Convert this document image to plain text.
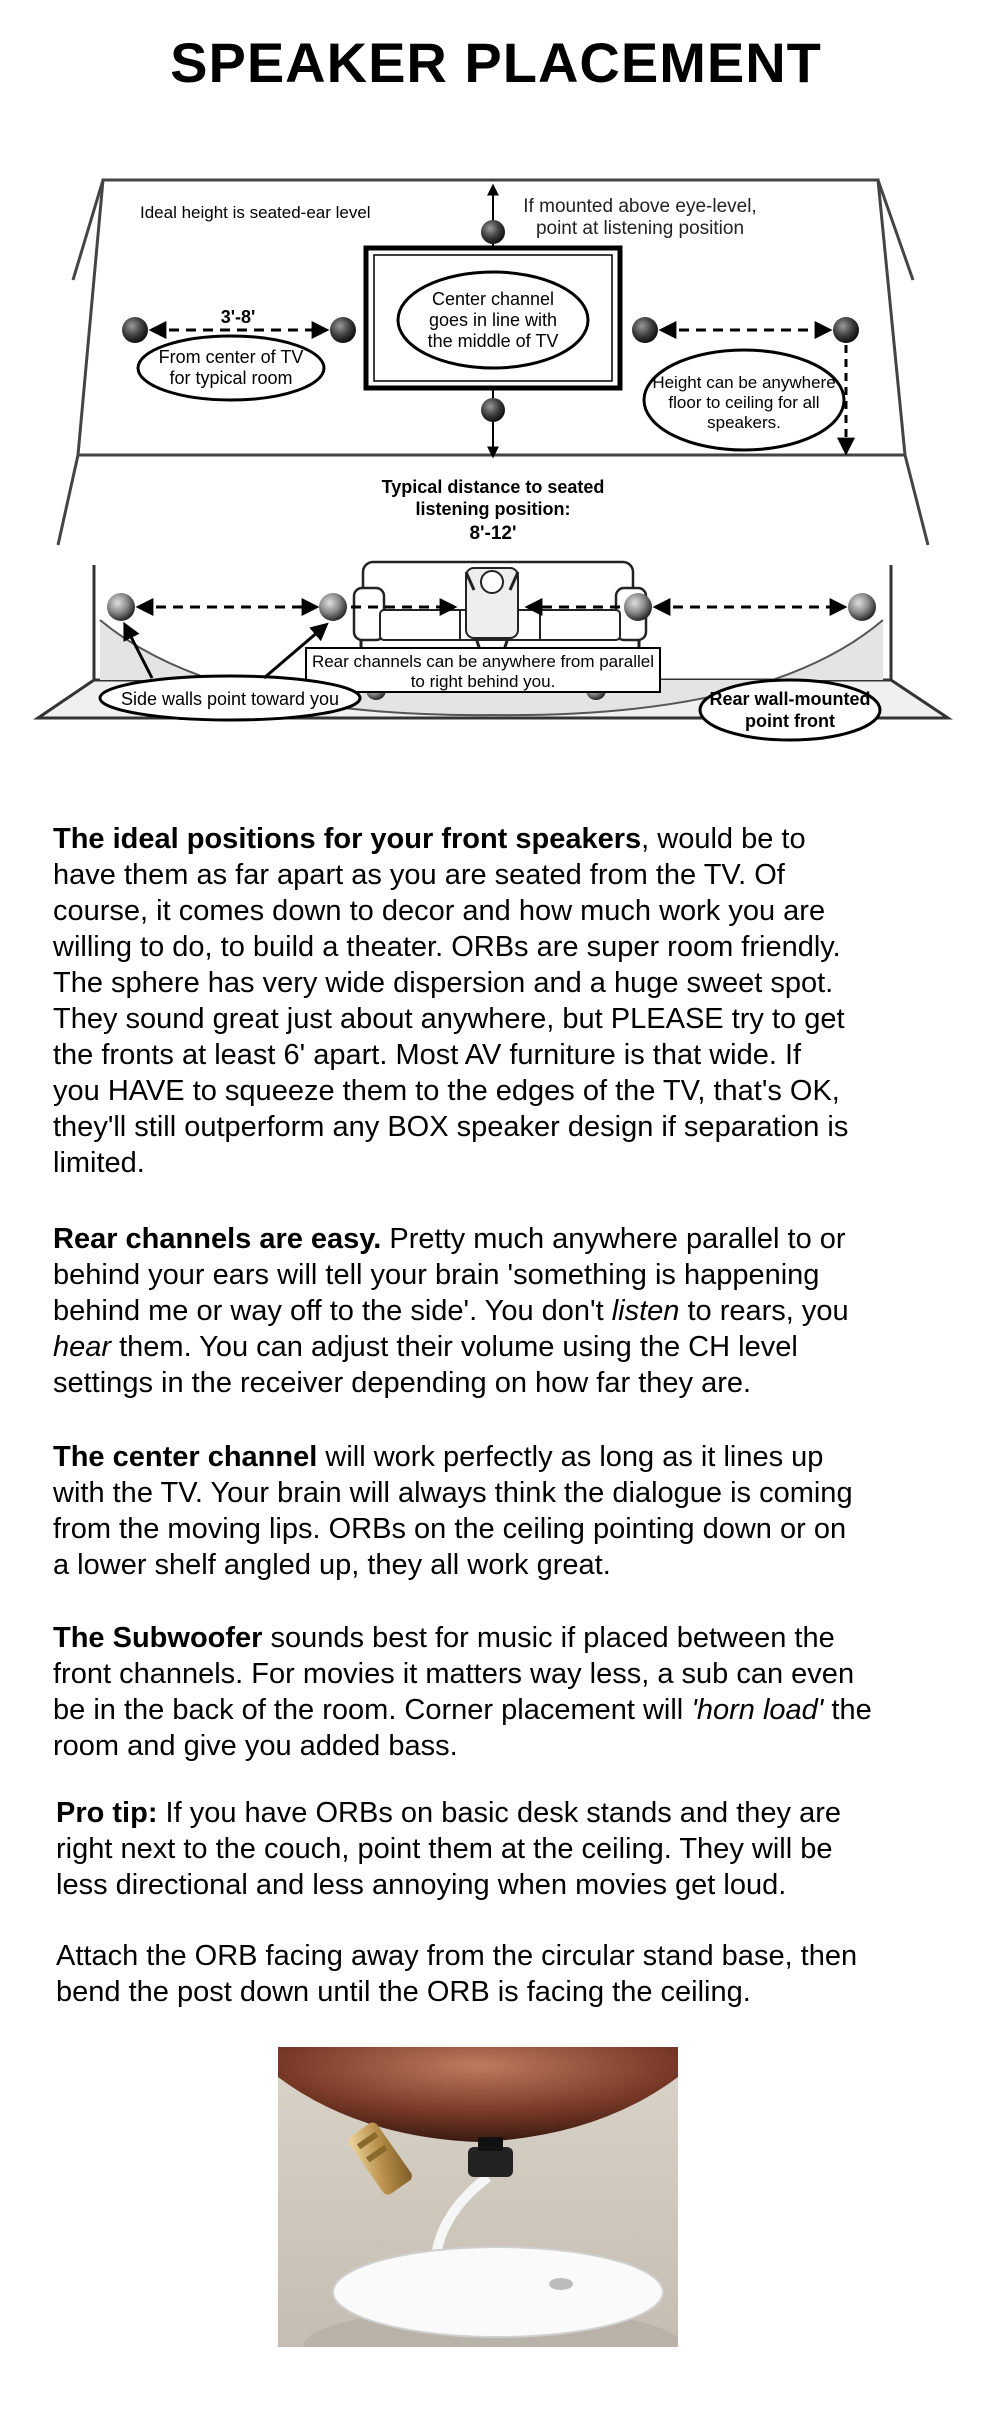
SPEAKER PLACEMENT
Ideal height is seated-ear level	If mounted above eye-level,
point at listening position
3'-8'
From center of TV
for typical room
Center channel
goes in line with
the middle of TV
Height can be anywhere
floor to ceiling for all
speakers.
Typical distance to seated
listening position:
8'-12'
Rear channels can be anywhere from parallel
to right behind you.
Side walls point toward you	Rear wall-mounted
point front

The ideal positions for your front speakers, would be to

have them as far apart as you are seated from the TV. Of

course, it comes down to decor and how much work you are

willing to do, to build a theater. ORBs are super room friendly.

The sphere has very wide dispersion and a huge sweet spot.

They sound great just about anywhere, but PLEASE try to get

the fronts at least 6' apart. Most AV furniture is that wide. If

you HAVE to squeeze them to the edges of the TV, that's OK,

they'll still outperform any BOX speaker design if separation is

limited.

Rear channels are easy. Pretty much anywhere parallel to or

behind your ears will tell your brain 'something is happening

behind me or way off to the side'. You don't listen to rears, you

hear them. You can adjust their volume using the CH level

settings in the receiver depending on how far they are.

The center channel will work perfectly as long as it lines up

with the TV. Your brain will always think the dialogue is coming

from the moving lips. ORBs on the ceiling pointing down or on

a lower shelf angled up, they all work great.

The Subwoofer sounds best for music if placed between the

front channels. For movies it matters way less, a sub can even

be in the back of the room. Corner placement will 'horn load' the

room and give you added bass.

Pro tip: If you have ORBs on basic desk stands and they are

right next to the couch, point them at the ceiling. They will be

less directional and less annoying when movies get loud.

Attach the ORB facing away from the circular stand base, then

bend the post down until the ORB is facing the ceiling.
